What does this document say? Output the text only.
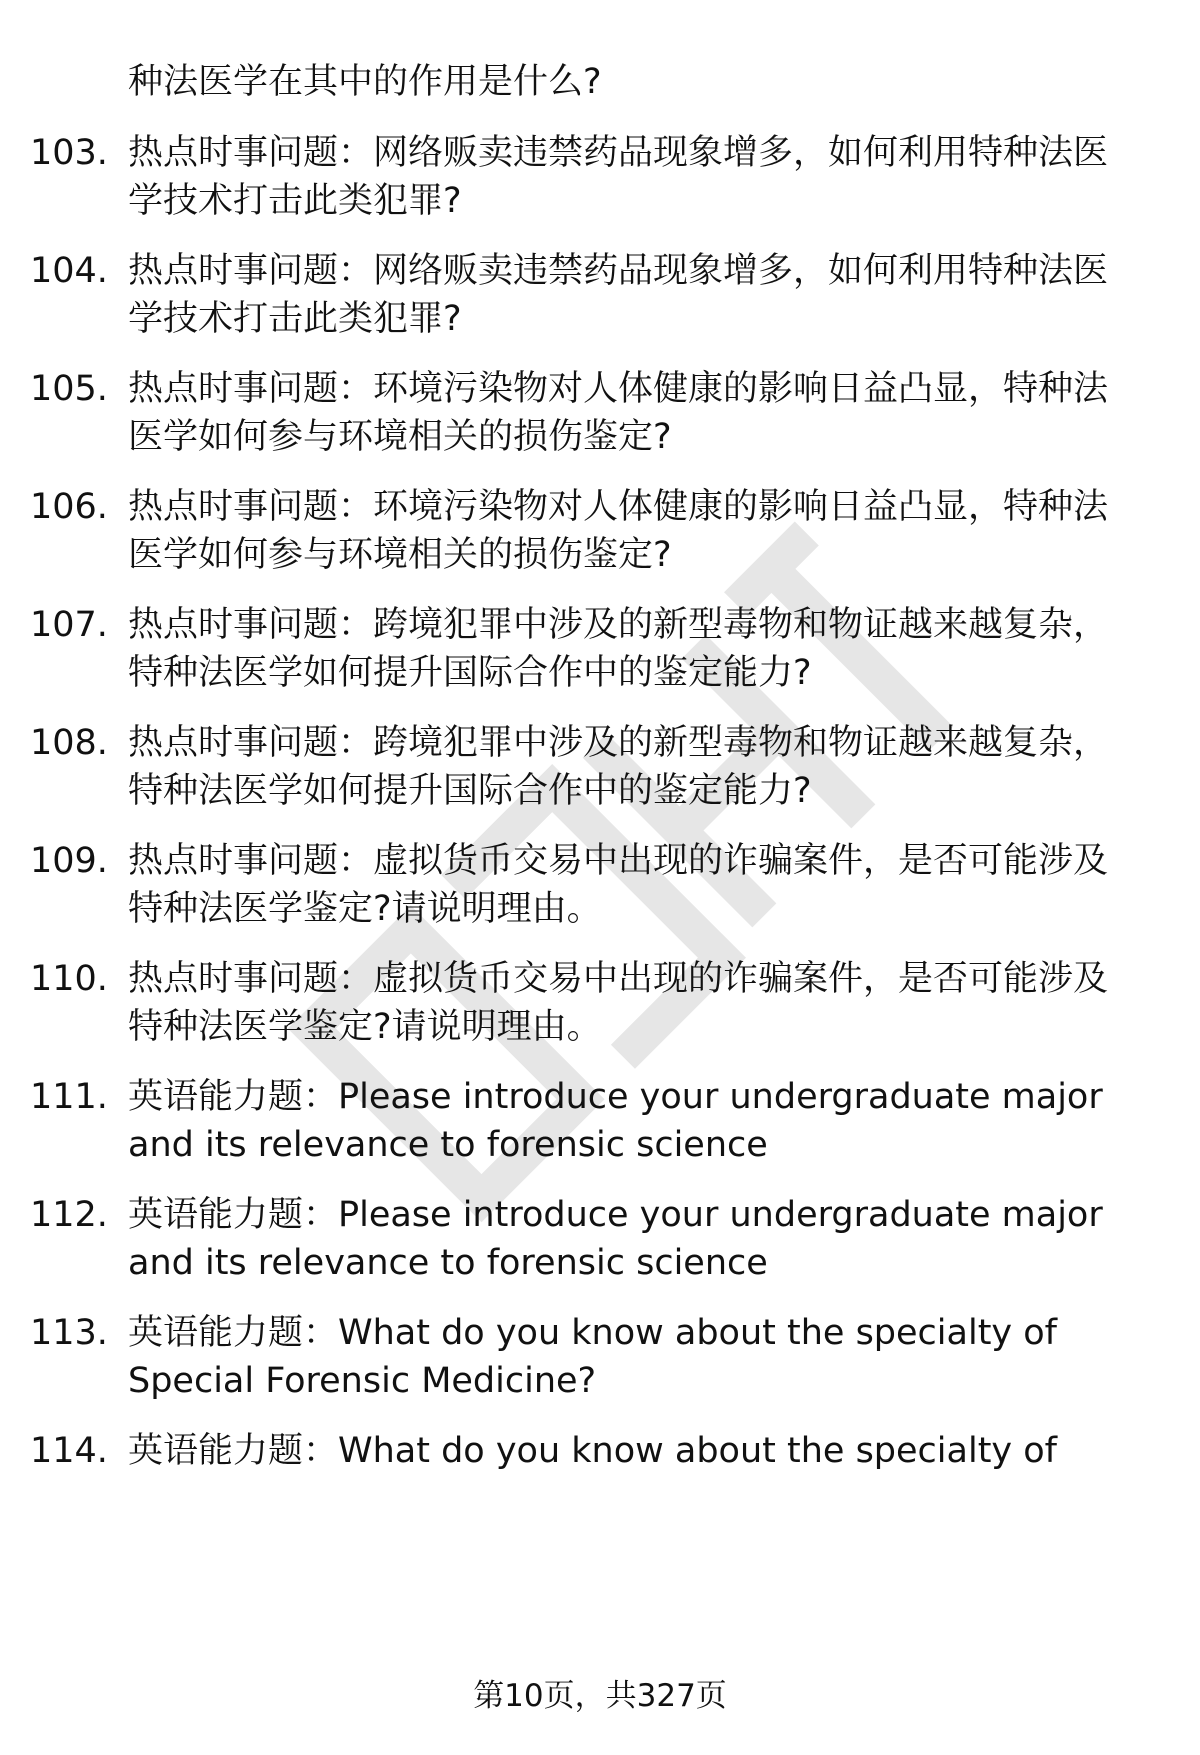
种法医学在其中的作用是什么?
103. 热点时事问题：网络贩卖违禁药品现象增多，如何利用特种法医
学技术打击此类犯罪?
104. 热点时事问题：网络贩卖违禁药品现象增多，如何利用特种法医
学技术打击此类犯罪?
105. 热点时事问题：环境污染物对人体健康的影响日益凸显，特种法
医学如何参与环境相关的损伤鉴定?
106. 热点时事问题：环境污染物对人体健康的影响日益凸显，特种法
医学如何参与环境相关的损伤鉴定?
107. 热点时事问题：跨境犯罪中涉及的新型毒物和物证越来越复杂，
特种法医学如何提升国际合作中的鉴定能力?
108. 热点时事问题：跨境犯罪中涉及的新型毒物和物证越来越复杂，
特种法医学如何提升国际合作中的鉴定能力?
109. 热点时事问题：虚拟货币交易中出现的诈骗案件，是否可能涉及
特种法医学鉴定?请说明理由。
110. 热点时事问题：虚拟货币交易中出现的诈骗案件，是否可能涉及
特种法医学鉴定?请说明理由。
111. 英语能力题：Please introduce your undergraduate major
and its relevance to forensic science
112. 英语能力题：Please introduce your undergraduate major
and its relevance to forensic science
113. 英语能力题：What do you know about the specialty of
Special Forensic Medicine?
114. 英语能力题：What do you know about the specialty of
第10页，共327页
